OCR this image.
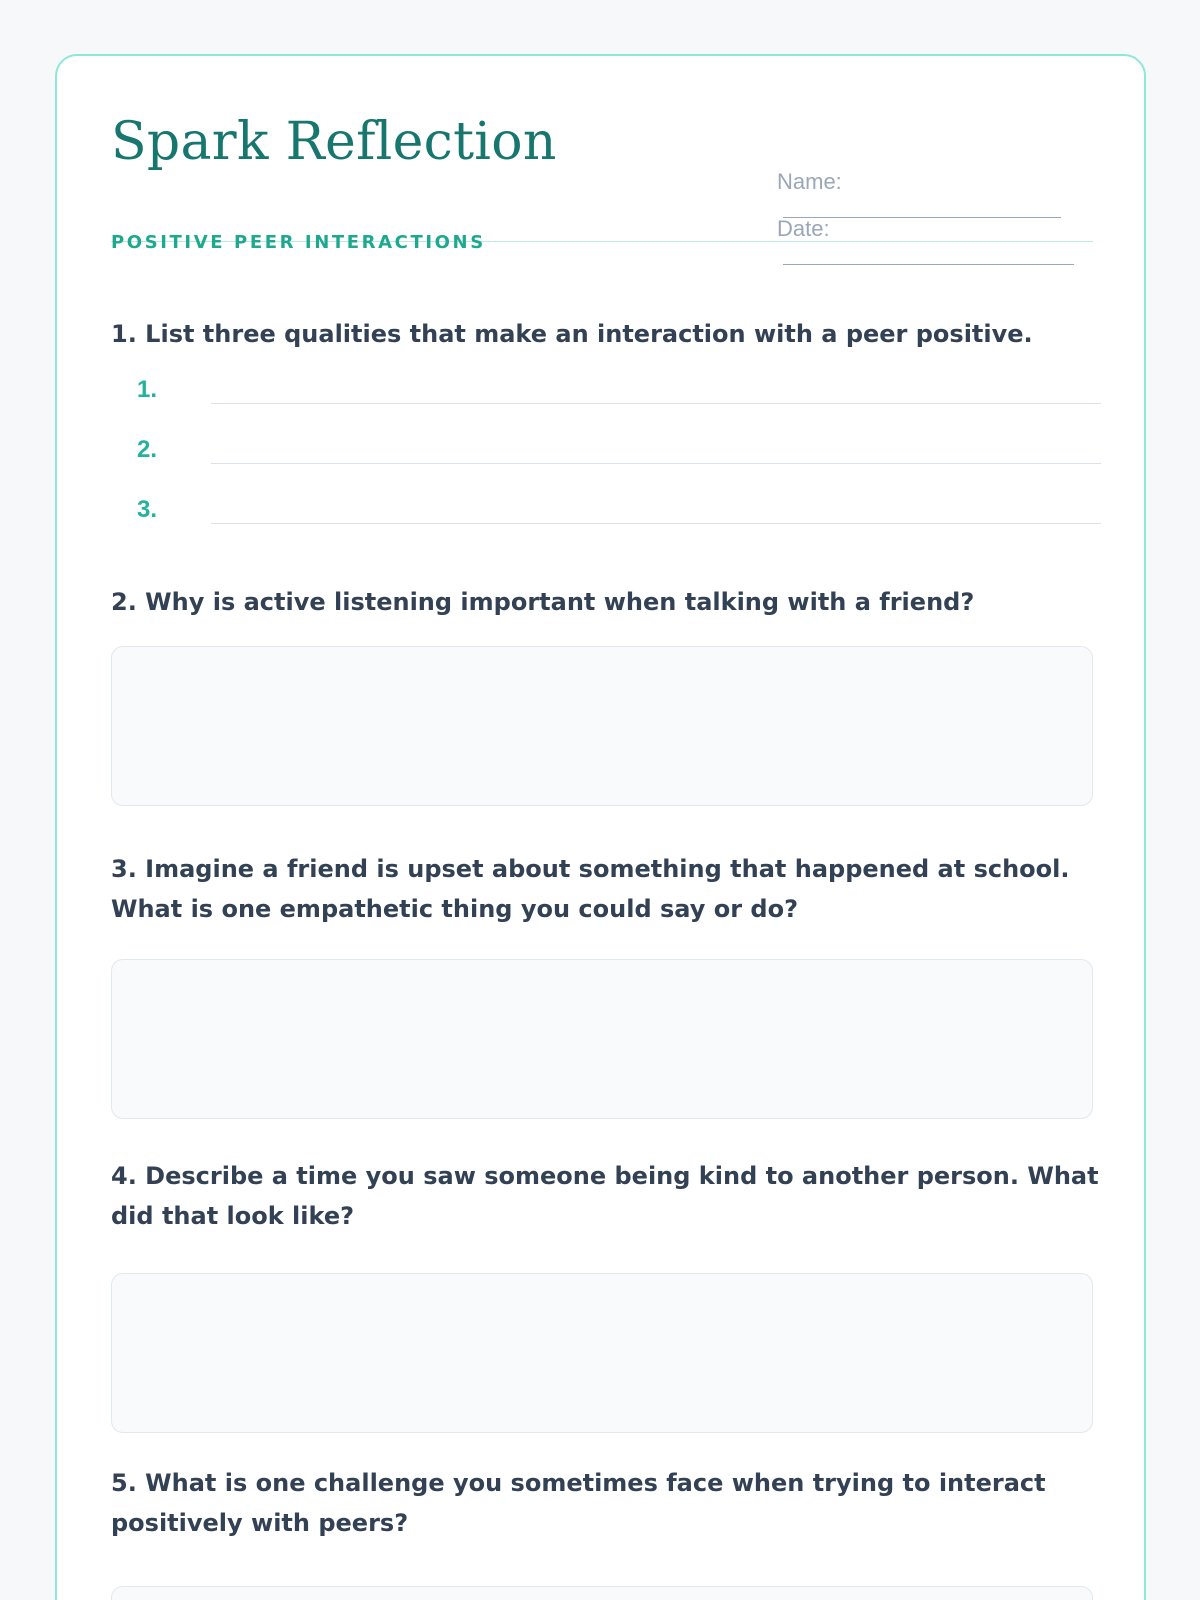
Spark Reflection
POSITIVE PEER INTERACTIONS
Name:
Date:
1. List three qualities that make an interaction with a peer positive.
1.
2.
3.
2. Why is active listening important when talking with a friend?
3. Imagine a friend is upset about something that happened at school. What is one empathetic thing you could say or do?
4. Describe a time you saw someone being kind to another person. What did that look like?
5. What is one challenge you sometimes face when trying to interact positively with peers?
